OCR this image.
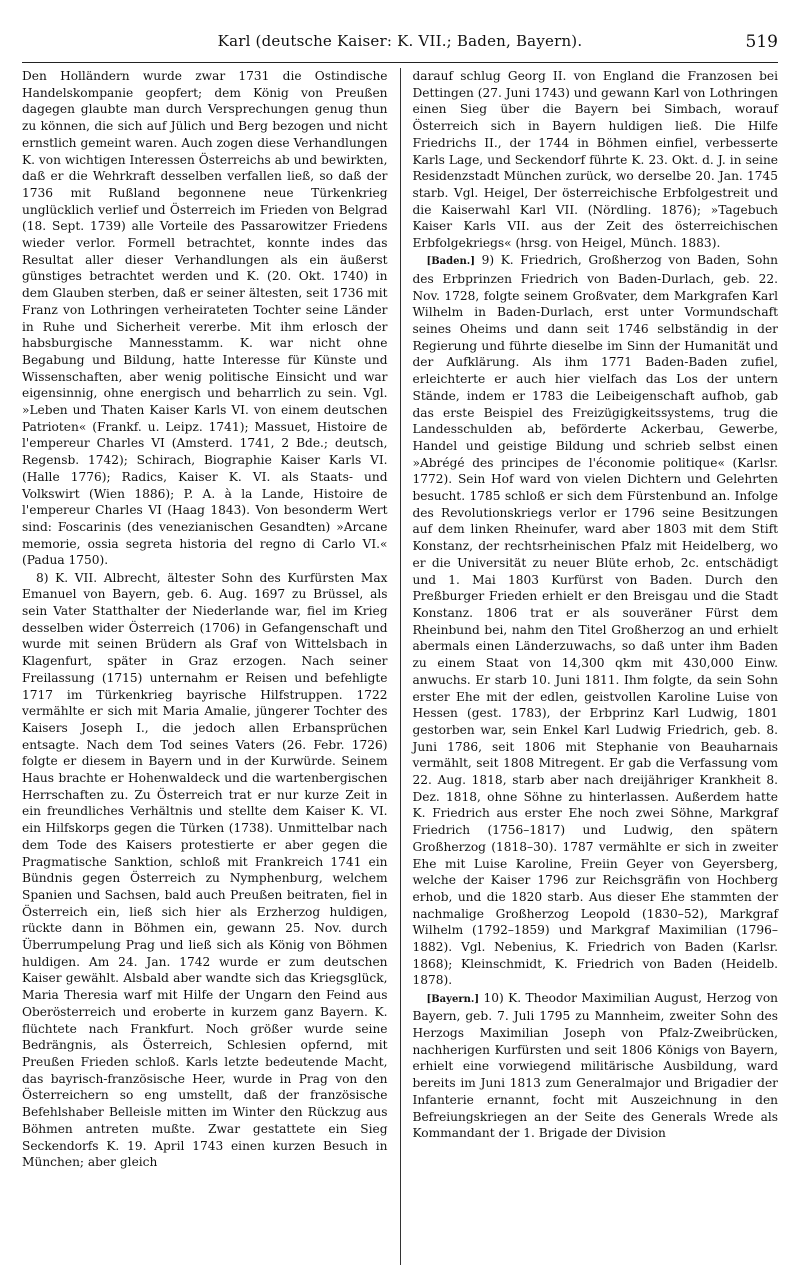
Karl (deutsche Kaiser: K. VII.; Baden, Bayern).	519

Den Holländern wurde zwar 1731 die Ostindische Handelskompanie geopfert; dem König von Preußen dagegen glaubte man durch Versprechungen genug thun zu können, die sich auf Jülich und Berg bezogen und nicht ernstlich gemeint waren. Auch zogen diese Verhandlungen K. von wichtigen Interessen Österreichs ab und bewirkten, daß er die Wehrkraft desselben verfallen ließ, so daß der 1736 mit Rußland begonnene neue Türkenkrieg unglücklich verlief und Österreich im Frieden von Belgrad (18. Sept. 1739) alle Vorteile des Passarowitzer Friedens wieder verlor. Formell betrachtet, konnte indes das Resultat aller dieser Verhandlungen als ein äußerst günstiges betrachtet werden und K. (20. Okt. 1740) in dem Glauben sterben, daß er seiner ältesten, seit 1736 mit Franz von Lothringen verheirateten Tochter seine Länder in Ruhe und Sicherheit vererbe. Mit ihm erlosch der habsburgische Mannesstamm. K. war nicht ohne Begabung und Bildung, hatte Interesse für Künste und Wissenschaften, aber wenig politische Einsicht und war eigensinnig, ohne energisch und beharrlich zu sein. Vgl. »Leben und Thaten Kaiser Karls VI. von einem deutschen Patrioten« (Frankf. u. Leipz. 1741); Massuet, Histoire de l'empereur Charles VI (Amsterd. 1741, 2 Bde.; deutsch, Regensb. 1742); Schirach, Biographie Kaiser Karls VI. (Halle 1776); Radics, Kaiser K. VI. als Staats- und Volkswirt (Wien 1886); P. A. à la Lande, Histoire de l'empereur Charles VI (Haag 1843). Von besonderm Wert sind: Foscarinis (des venezianischen Gesandten) »Arcane memorie, ossia segreta historia del regno di Carlo VI.« (Padua 1750).

8) K. VII. Albrecht, ältester Sohn des Kurfürsten Max Emanuel von Bayern, geb. 6. Aug. 1697 zu Brüssel, als sein Vater Statthalter der Niederlande war, fiel im Krieg desselben wider Österreich (1706) in Gefangenschaft und wurde mit seinen Brüdern als Graf von Wittelsbach in Klagenfurt, später in Graz erzogen. Nach seiner Freilassung (1715) unternahm er Reisen und befehligte 1717 im Türkenkrieg bayrische Hilfstruppen. 1722 vermählte er sich mit Maria Amalie, jüngerer Tochter des Kaisers Joseph I., die jedoch allen Erbansprüchen entsagte. Nach dem Tod seines Vaters (26. Febr. 1726) folgte er diesem in Bayern und in der Kurwürde. Seinem Haus brachte er Hohenwaldeck und die wartenbergischen Herrschaften zu. Zu Österreich trat er nur kurze Zeit in ein freundliches Verhältnis und stellte dem Kaiser K. VI. ein Hilfskorps gegen die Türken (1738). Unmittelbar nach dem Tode des Kaisers protestierte er aber gegen die Pragmatische Sanktion, schloß mit Frankreich 1741 ein Bündnis gegen Österreich zu Nymphenburg, welchem Spanien und Sachsen, bald auch Preußen beitraten, fiel in Österreich ein, ließ sich hier als Erzherzog huldigen, rückte dann in Böhmen ein, gewann 25. Nov. durch Überrumpelung Prag und ließ sich als König von Böhmen huldigen. Am 24. Jan. 1742 wurde er zum deutschen Kaiser gewählt. Alsbald aber wandte sich das Kriegsglück, Maria Theresia warf mit Hilfe der Ungarn den Feind aus Oberösterreich und eroberte in kurzem ganz Bayern. K. flüchtete nach Frankfurt. Noch größer wurde seine Bedrängnis, als Österreich, Schlesien opfernd, mit Preußen Frieden schloß. Karls letzte bedeutende Macht, das bayrisch-französische Heer, wurde in Prag von den Österreichern so eng umstellt, daß der französische Befehlshaber Belleisle mitten im Winter den Rückzug aus Böhmen antreten mußte. Zwar gestattete ein Sieg Seckendorfs K. 19. April 1743 einen kurzen Besuch in München; aber gleich

darauf schlug Georg II. von England die Franzosen bei Dettingen (27. Juni 1743) und gewann Karl von Lothringen einen Sieg über die Bayern bei Simbach, worauf Österreich sich in Bayern huldigen ließ. Die Hilfe Friedrichs II., der 1744 in Böhmen einfiel, verbesserte Karls Lage, und Seckendorf führte K. 23. Okt. d. J. in seine Residenzstadt München zurück, wo derselbe 20. Jan. 1745 starb. Vgl. Heigel, Der österreichische Erbfolgestreit und die Kaiserwahl Karl VII. (Nördling. 1876); »Tagebuch Kaiser Karls VII. aus der Zeit des österreichischen Erbfolgekriegs« (hrsg. von Heigel, Münch. 1883).

[Baden.] 9) K. Friedrich, Großherzog von Baden, Sohn des Erbprinzen Friedrich von Baden-Durlach, geb. 22. Nov. 1728, folgte seinem Großvater, dem Markgrafen Karl Wilhelm in Baden-Durlach, erst unter Vormundschaft seines Oheims und dann seit 1746 selbständig in der Regierung und führte dieselbe im Sinn der Humanität und der Aufklärung. Als ihm 1771 Baden-Baden zufiel, erleichterte er auch hier vielfach das Los der untern Stände, indem er 1783 die Leibeigenschaft aufhob, gab das erste Beispiel des Freizügigkeitssystems, trug die Landesschulden ab, beförderte Ackerbau, Gewerbe, Handel und geistige Bildung und schrieb selbst einen »Abrégé des principes de l'économie politique« (Karlsr. 1772). Sein Hof ward von vielen Dichtern und Gelehrten besucht. 1785 schloß er sich dem Fürstenbund an. Infolge des Revolutionskriegs verlor er 1796 seine Besitzungen auf dem linken Rheinufer, ward aber 1803 mit dem Stift Konstanz, der rechtsrheinischen Pfalz mit Heidelberg, wo er die Universität zu neuer Blüte erhob, 2c. entschädigt und 1. Mai 1803 Kurfürst von Baden. Durch den Preßburger Frieden erhielt er den Breisgau und die Stadt Konstanz. 1806 trat er als souveräner Fürst dem Rheinbund bei, nahm den Titel Großherzog an und erhielt abermals einen Länderzuwachs, so daß unter ihm Baden zu einem Staat von 14,300 qkm mit 430,000 Einw. anwuchs. Er starb 10. Juni 1811. Ihm folgte, da sein Sohn erster Ehe mit der edlen, geistvollen Karoline Luise von Hessen (gest. 1783), der Erbprinz Karl Ludwig, 1801 gestorben war, sein Enkel Karl Ludwig Friedrich, geb. 8. Juni 1786, seit 1806 mit Stephanie von Beauharnais vermählt, seit 1808 Mitregent. Er gab die Verfassung vom 22. Aug. 1818, starb aber nach dreijähriger Krankheit 8. Dez. 1818, ohne Söhne zu hinterlassen. Außerdem hatte K. Friedrich aus erster Ehe noch zwei Söhne, Markgraf Friedrich (1756–1817) und Ludwig, den spätern Großherzog (1818–30). 1787 vermählte er sich in zweiter Ehe mit Luise Karoline, Freiin Geyer von Geyersberg, welche der Kaiser 1796 zur Reichsgräfin von Hochberg erhob, und die 1820 starb. Aus dieser Ehe stammten der nachmalige Großherzog Leopold (1830–52), Markgraf Wilhelm (1792–1859) und Markgraf Maximilian (1796–1882). Vgl. Nebenius, K. Friedrich von Baden (Karlsr. 1868); Kleinschmidt, K. Friedrich von Baden (Heidelb. 1878).

[Bayern.] 10) K. Theodor Maximilian August, Herzog von Bayern, geb. 7. Juli 1795 zu Mannheim, zweiter Sohn des Herzogs Maximilian Joseph von Pfalz-Zweibrücken, nachherigen Kurfürsten und seit 1806 Königs von Bayern, erhielt eine vorwiegend militärische Ausbildung, ward bereits im Juni 1813 zum Generalmajor und Brigadier der Infanterie ernannt, focht mit Auszeichnung in den Befreiungskriegen an der Seite des Generals Wrede als Kommandant der 1. Brigade der Division
